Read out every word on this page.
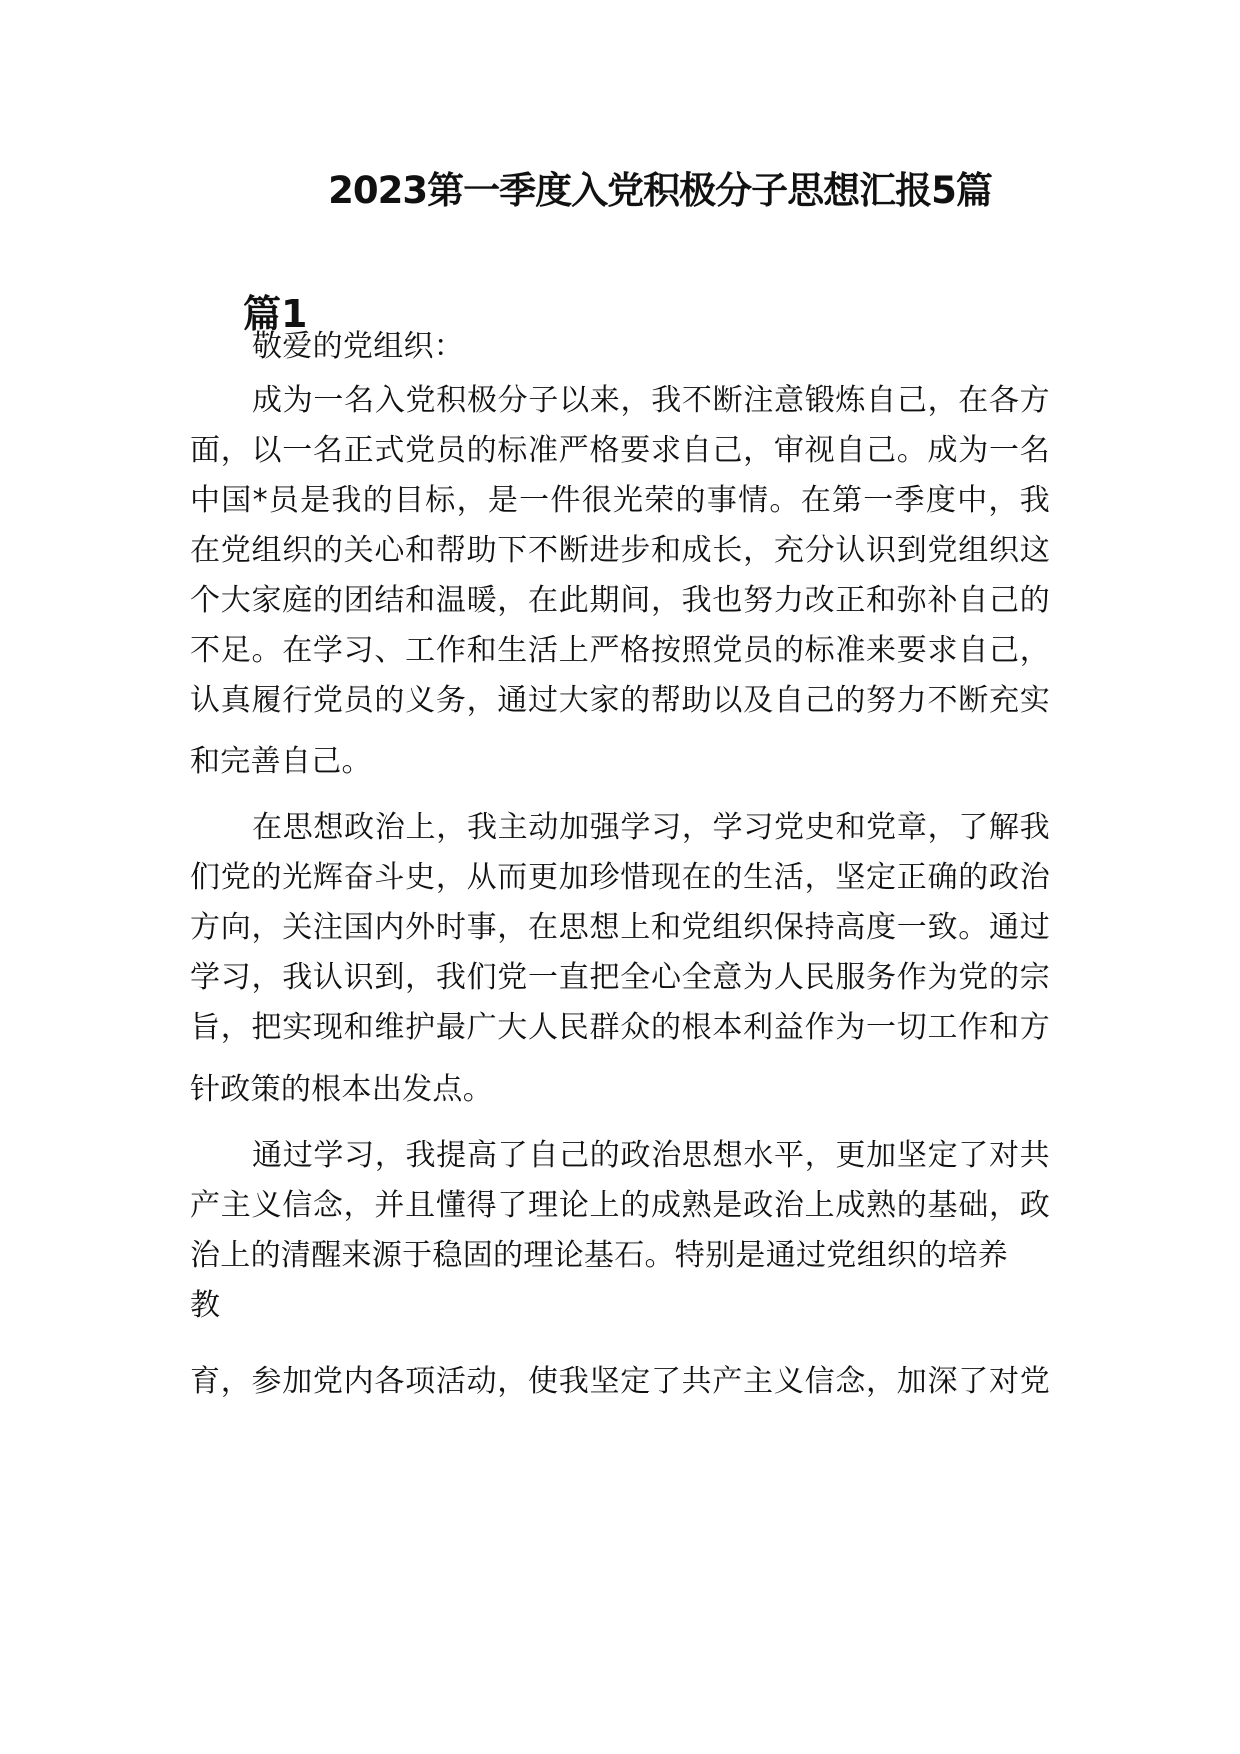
2023第一季度入党积极分子思想汇报5篇
篇1
敬爱的党组织：
成为一名入党积极分子以来，我不断注意锻炼自己，在各方
面，以一名正式党员的标准严格要求自己，审视自己。成为一名
中国*员是我的目标，是一件很光荣的事情。在第一季度中，我
在党组织的关心和帮助下不断进步和成长，充分认识到党组织这
个大家庭的团结和温暖，在此期间，我也努力改正和弥补自己的
不足。在学习、工作和生活上严格按照党员的标准来要求自己，
认真履行党员的义务，通过大家的帮助以及自己的努力不断充实
和完善自己。
在思想政治上，我主动加强学习，学习党史和党章，了解我
们党的光辉奋斗史，从而更加珍惜现在的生活，坚定正确的政治
方向，关注国内外时事，在思想上和党组织保持高度一致。通过
学习，我认识到，我们党一直把全心全意为人民服务作为党的宗
旨，把实现和维护最广大人民群众的根本利益作为一切工作和方
针政策的根本出发点。
通过学习，我提高了自己的政治思想水平，更加坚定了对共
产主义信念，并且懂得了理论上的成熟是政治上成熟的基础，政
治上的清醒来源于稳固的理论基石。特别是通过党组织的培养
教
育，参加党内各项活动，使我坚定了共产主义信念，加深了对党
